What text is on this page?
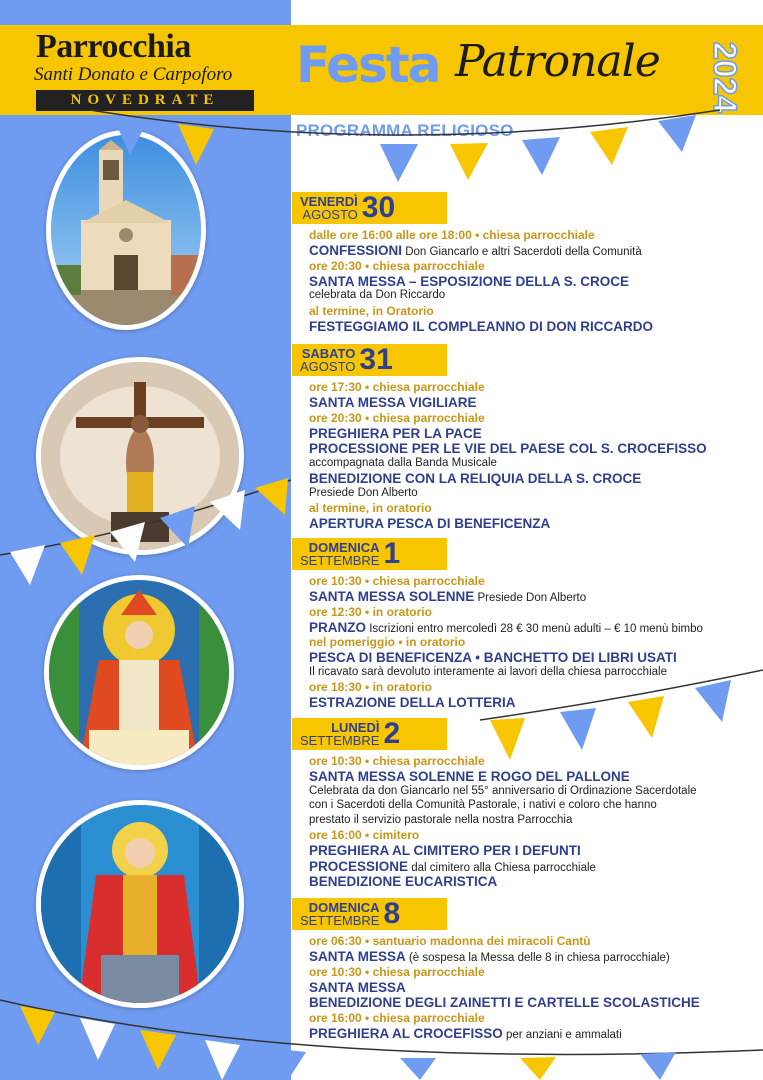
Parrocchia
Santi Donato e Carpoforo
NOVEDRATE
Festa Patronale 2024
PROGRAMMA RELIGIOSO
VENERDÌ
AGOSTO 30
dalle ore 16:00 alle ore 18:00 • chiesa parrocchiale
CONFESSIONI Don Giancarlo e altri Sacerdoti della Comunità
ore 20:30 • chiesa parrocchiale
SANTA MESSA – ESPOSIZIONE DELLA S. CROCE
celebrata da Don Riccardo
al termine, in Oratorio
FESTEGGIAMO IL COMPLEANNO DI DON RICCARDO
SABATO
AGOSTO 31
ore 17:30 • chiesa parrocchiale
SANTA MESSA VIGILIARE
ore 20:30 • chiesa parrocchiale
PREGHIERA PER LA PACE
PROCESSIONE PER LE VIE DEL PAESE COL S. CROCEFISSO
accompagnata dalla Banda Musicale
BENEDIZIONE CON LA RELIQUIA DELLA S. CROCE
Presiede Don Alberto
al termine, in oratorio
APERTURA PESCA DI BENEFICENZA
DOMENICA
SETTEMBRE 1
ore 10:30 • chiesa parrocchiale
SANTA MESSA SOLENNE Presiede Don Alberto
ore 12:30 • in oratorio
PRANZO Iscrizioni entro mercoledì 28 € 30 menù adulti – € 10 menù bimbo
nel pomeriggio • in oratorio
PESCA DI BENEFICENZA • BANCHETTO DEI LIBRI USATI
Il ricavato sarà devoluto interamente ai lavori della chiesa parrocchiale
ore 18:30 • in oratorio
ESTRAZIONE DELLA LOTTERIA
LUNEDÌ
SETTEMBRE 2
ore 10:30 • chiesa parrocchiale
SANTA MESSA SOLENNE E ROGO DEL PALLONE
Celebrata da don Giancarlo nel 55° anniversario di Ordinazione Sacerdotale
con i Sacerdoti della Comunità Pastorale, i nativi e coloro che hanno
prestato il servizio pastorale nella nostra Parrocchia
ore 16:00 • cimitero
PREGHIERA AL CIMITERO PER I DEFUNTI
PROCESSIONE dal cimitero alla Chiesa parrocchiale
BENEDIZIONE EUCARISTICA
DOMENICA
SETTEMBRE 8
ore 06:30 • santuario madonna dei miracoli Cantù
SANTA MESSA (è sospesa la Messa delle 8 in chiesa parrocchiale)
ore 10:30 • chiesa parrocchiale
SANTA MESSA
BENEDIZIONE DEGLI ZAINETTI E CARTELLE SCOLASTICHE
ore 16:00 • chiesa parrocchiale
PREGHIERA AL CROCEFISSO per anziani e ammalati
